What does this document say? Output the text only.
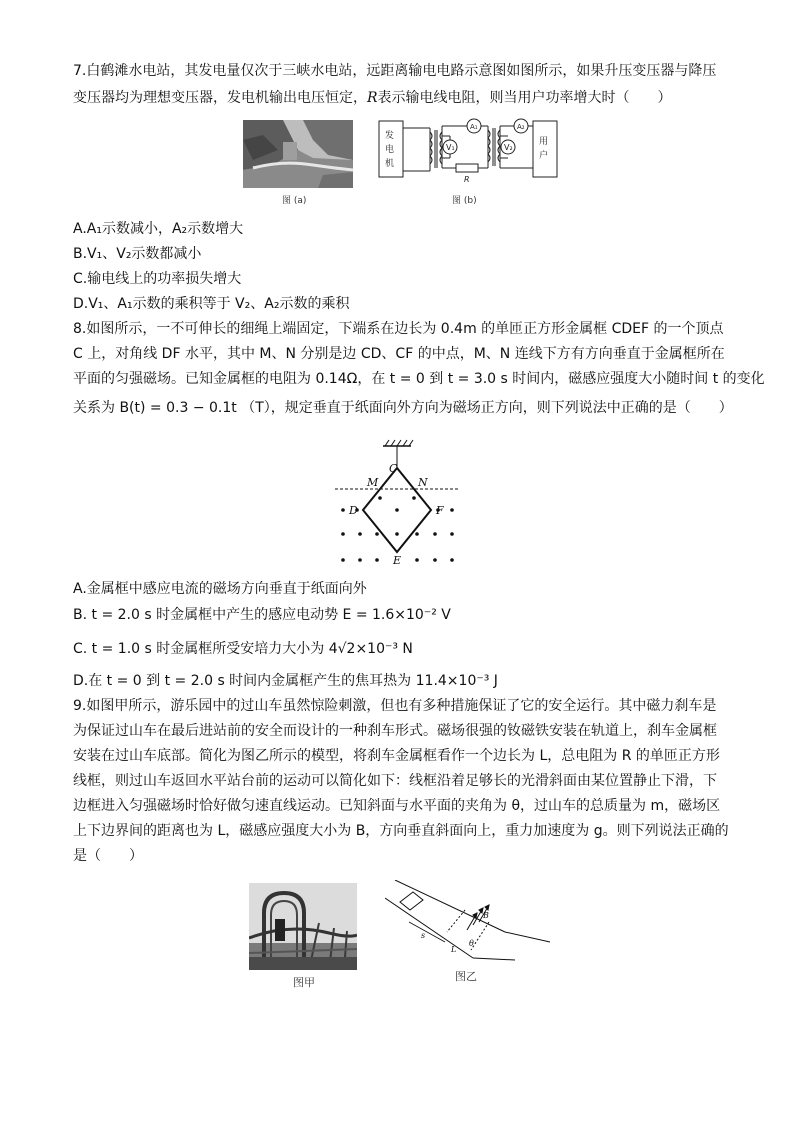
7.白鹤滩水电站，其发电量仅次于三峡水电站，远距离输电电路示意图如图所示，如果升压变压器与降压
变压器均为理想变压器，发电机输出电压恒定，R表示输电线电阻，则当用户功率增大时（　　）
图 (a)
V₁
A₁
R
A₂
V₂
发
电
机
用
户
图 (b)
A.A₁示数减小，A₂示数增大
B.V₁、V₂示数都减小
C.输电线上的功率损失增大
D.V₁、A₁示数的乘积等于 V₂、A₂示数的乘积
8.如图所示，一不可伸长的细绳上端固定，下端系在边长为 0.4m 的单匝正方形金属框 CDEF 的一个顶点
C 上，对角线 DF 水平，其中 M、N 分别是边 CD、CF 的中点，M、N 连线下方有方向垂直于金属框所在
平面的匀强磁场。已知金属框的电阻为 0.14Ω，在 t = 0 到 t = 3.0 s 时间内，磁感应强度大小随时间 t 的变化
关系为 B(t) = 0.3 − 0.1t （T），规定垂直于纸面向外方向为磁场正方向，则下列说法中正确的是（　　）
C
M	N
D	F
E
A.金属框中感应电流的磁场方向垂直于纸面向外
B. t = 2.0 s 时金属框中产生的感应电动势 E = 1.6×10⁻² V
C. t = 1.0 s 时金属框所受安培力大小为 4√2×10⁻³ N
D.在 t = 0 到 t = 2.0 s 时间内金属框产生的焦耳热为 11.4×10⁻³ J
9.如图甲所示，游乐园中的过山车虽然惊险刺激，但也有多种措施保证了它的安全运行。其中磁力刹车是
为保证过山车在最后进站前的安全而设计的一种刹车形式。磁场很强的钕磁铁安装在轨道上，刹车金属框
安装在过山车底部。简化为图乙所示的模型，将刹车金属框看作一个边长为 L，总电阻为 R 的单匝正方形
线框，则过山车返回水平站台前的运动可以简化如下：线框沿着足够长的光滑斜面由某位置静止下滑，下
边框进入匀强磁场时恰好做匀速直线运动。已知斜面与水平面的夹角为 θ，过山车的总质量为 m，磁场区
上下边界间的距离也为 L，磁感应强度大小为 B，方向垂直斜面向上，重力加速度为 g。则下列说法正确的
是（　　）
图甲
s
L
θ
B
图乙
